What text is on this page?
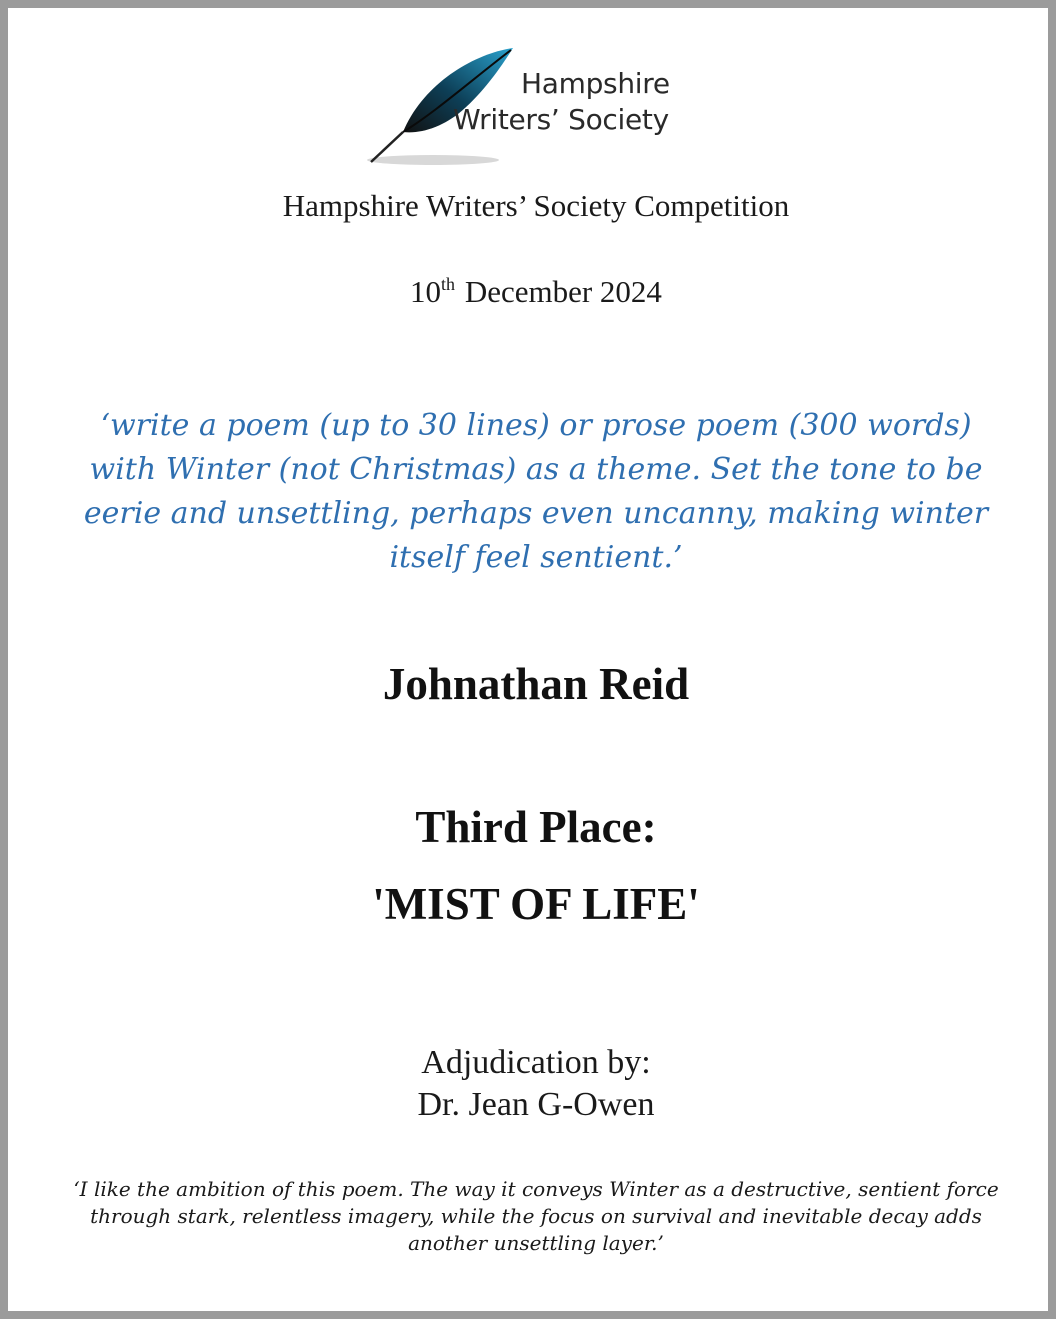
Hampshire
Writers’ Society
Hampshire Writers’ Society Competition
10th December 2024
‘write a poem (up to 30 lines) or prose poem (300 words)
with Winter (not Christmas) as a theme. Set the tone to be
eerie and unsettling, perhaps even uncanny, making winter
itself feel sentient.’
Johnathan Reid
Third Place:
'MIST OF LIFE'
Adjudication by:
Dr. Jean G-Owen
‘I like the ambition of this poem. The way it conveys Winter as a destructive, sentient force
through stark, relentless imagery, while the focus on survival and inevitable decay adds
another unsettling layer.’
